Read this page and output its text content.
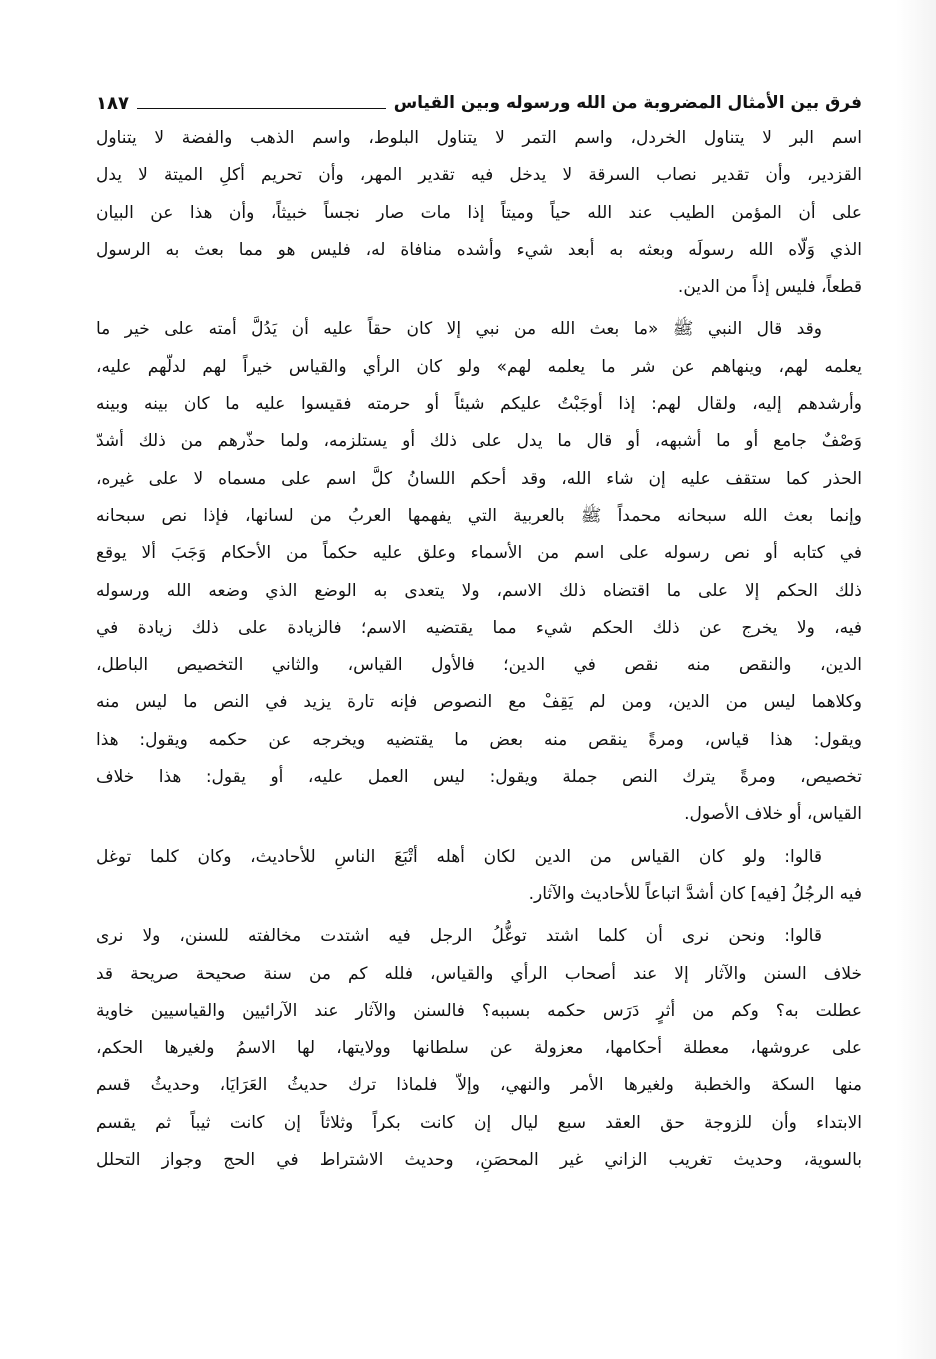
فرق بين الأمثال المضروبة من الله ورسوله وبين القياس
١٨٧
اسم البر لا يتناول الخردل، واسم التمر لا يتناول البلوط، واسم الذهب والفضة لا يتناول
القزدير، وأن تقدير نصاب السرقة لا يدخل فيه تقدير المهر، وأن تحريم أكلِ الميتة لا يدل
على أن المؤمن الطيب عند الله حياً وميتاً إذا مات صار نجساً خبيثاً، وأن هذا عن البيان
الذي وَلّاه الله رسولَه وبعثه به أبعد شيء وأشده منافاة له، فليس هو مما بعث به الرسول
قطعاً، فليس إذاً من الدين.
وقد قال النبي ﷺ «ما بعث الله من نبي إلا كان حقاً عليه أن يَدُلَّ أمته على خير ما
يعلمه لهم، وينهاهم عن شر ما يعلمه لهم» ولو كان الرأي والقياس خيراً لهم لدلّهم عليه،
وأرشدهم إليه، ولقال لهم: إذا أوجَبْتُ عليكم شيئاً أو حرمته فقيسوا عليه ما كان بينه وبينه
وَصْفٌ جامع أو ما أشبهه، أو قال ما يدل على ذلك أو يستلزمه، ولما حذّرهم من ذلك أشدّ
الحذر كما ستقف عليه إن شاء الله، وقد أحكم اللسانُ كلَّ اسم على مسماه لا على غيره،
وإنما بعث الله سبحانه محمداً ﷺ بالعربية التي يفهمها العربُ من لسانها، فإذا نص سبحانه
في كتابه أو نص رسوله على اسم من الأسماء وعلق عليه حكماً من الأحكام وَجَبَ ألا يوقع
ذلك الحكم إلا على ما اقتضاه ذلك الاسم، ولا يتعدى به الوضع الذي وضعه الله ورسوله
فيه، ولا يخرج عن ذلك الحكم شيء مما يقتضيه الاسم؛ فالزيادة على ذلك زيادة في
الدين، والنقص منه نقص في الدين؛ فالأول القياس، والثاني التخصيص الباطل،
وكلاهما ليس من الدين، ومن لم يَقِفْ مع النصوص فإنه تارة يزيد في النص ما ليس منه
ويقول: هذا قياس، ومرةً ينقص منه بعض ما يقتضيه ويخرجه عن حكمه ويقول: هذا
تخصيص، ومرةً يترك النص جملة ويقول: ليس العمل عليه، أو يقول: هذا خلاف
القياس، أو خلاف الأصول.
قالوا: ولو كان القياس من الدين لكان أهله أتْبَعَ الناسِ للأحاديث، وكان كلما توغل
فيه الرجُلُ [فيه] كان أشدَّ اتباعاً للأحاديث والآثار.
قالوا: ونحن نرى أن كلما اشتد توغُّلُ الرجل فيه اشتدت مخالفته للسنن، ولا نرى
خلاف السنن والآثار إلا عند أصحاب الرأي والقياس، فلله كم من سنة صحيحة صريحة قد
عطلت به؟ وكم من أثرٍ دَرَس حكمه بسببه؟ فالسنن والآثار عند الآرائيين والقياسيين خاوية
على عروشها، معطلة أحكامها، معزولة عن سلطانها وولايتها، لها الاسمُ ولغيرها الحكم،
منها السكة والخطبة ولغيرها الأمر والنهي، وإلاّ فلماذا ترك حديثُ العَرَايَا، وحديثُ قسم
الابتداء وأن للزوجة حق العقد سبع ليال إن كانت بكراً وثلاثاً إن كانت ثيباً ثم يقسم
بالسوية، وحديث تغريب الزاني غير المحصَنِ، وحديث الاشتراط في الحج وجواز التحلل
